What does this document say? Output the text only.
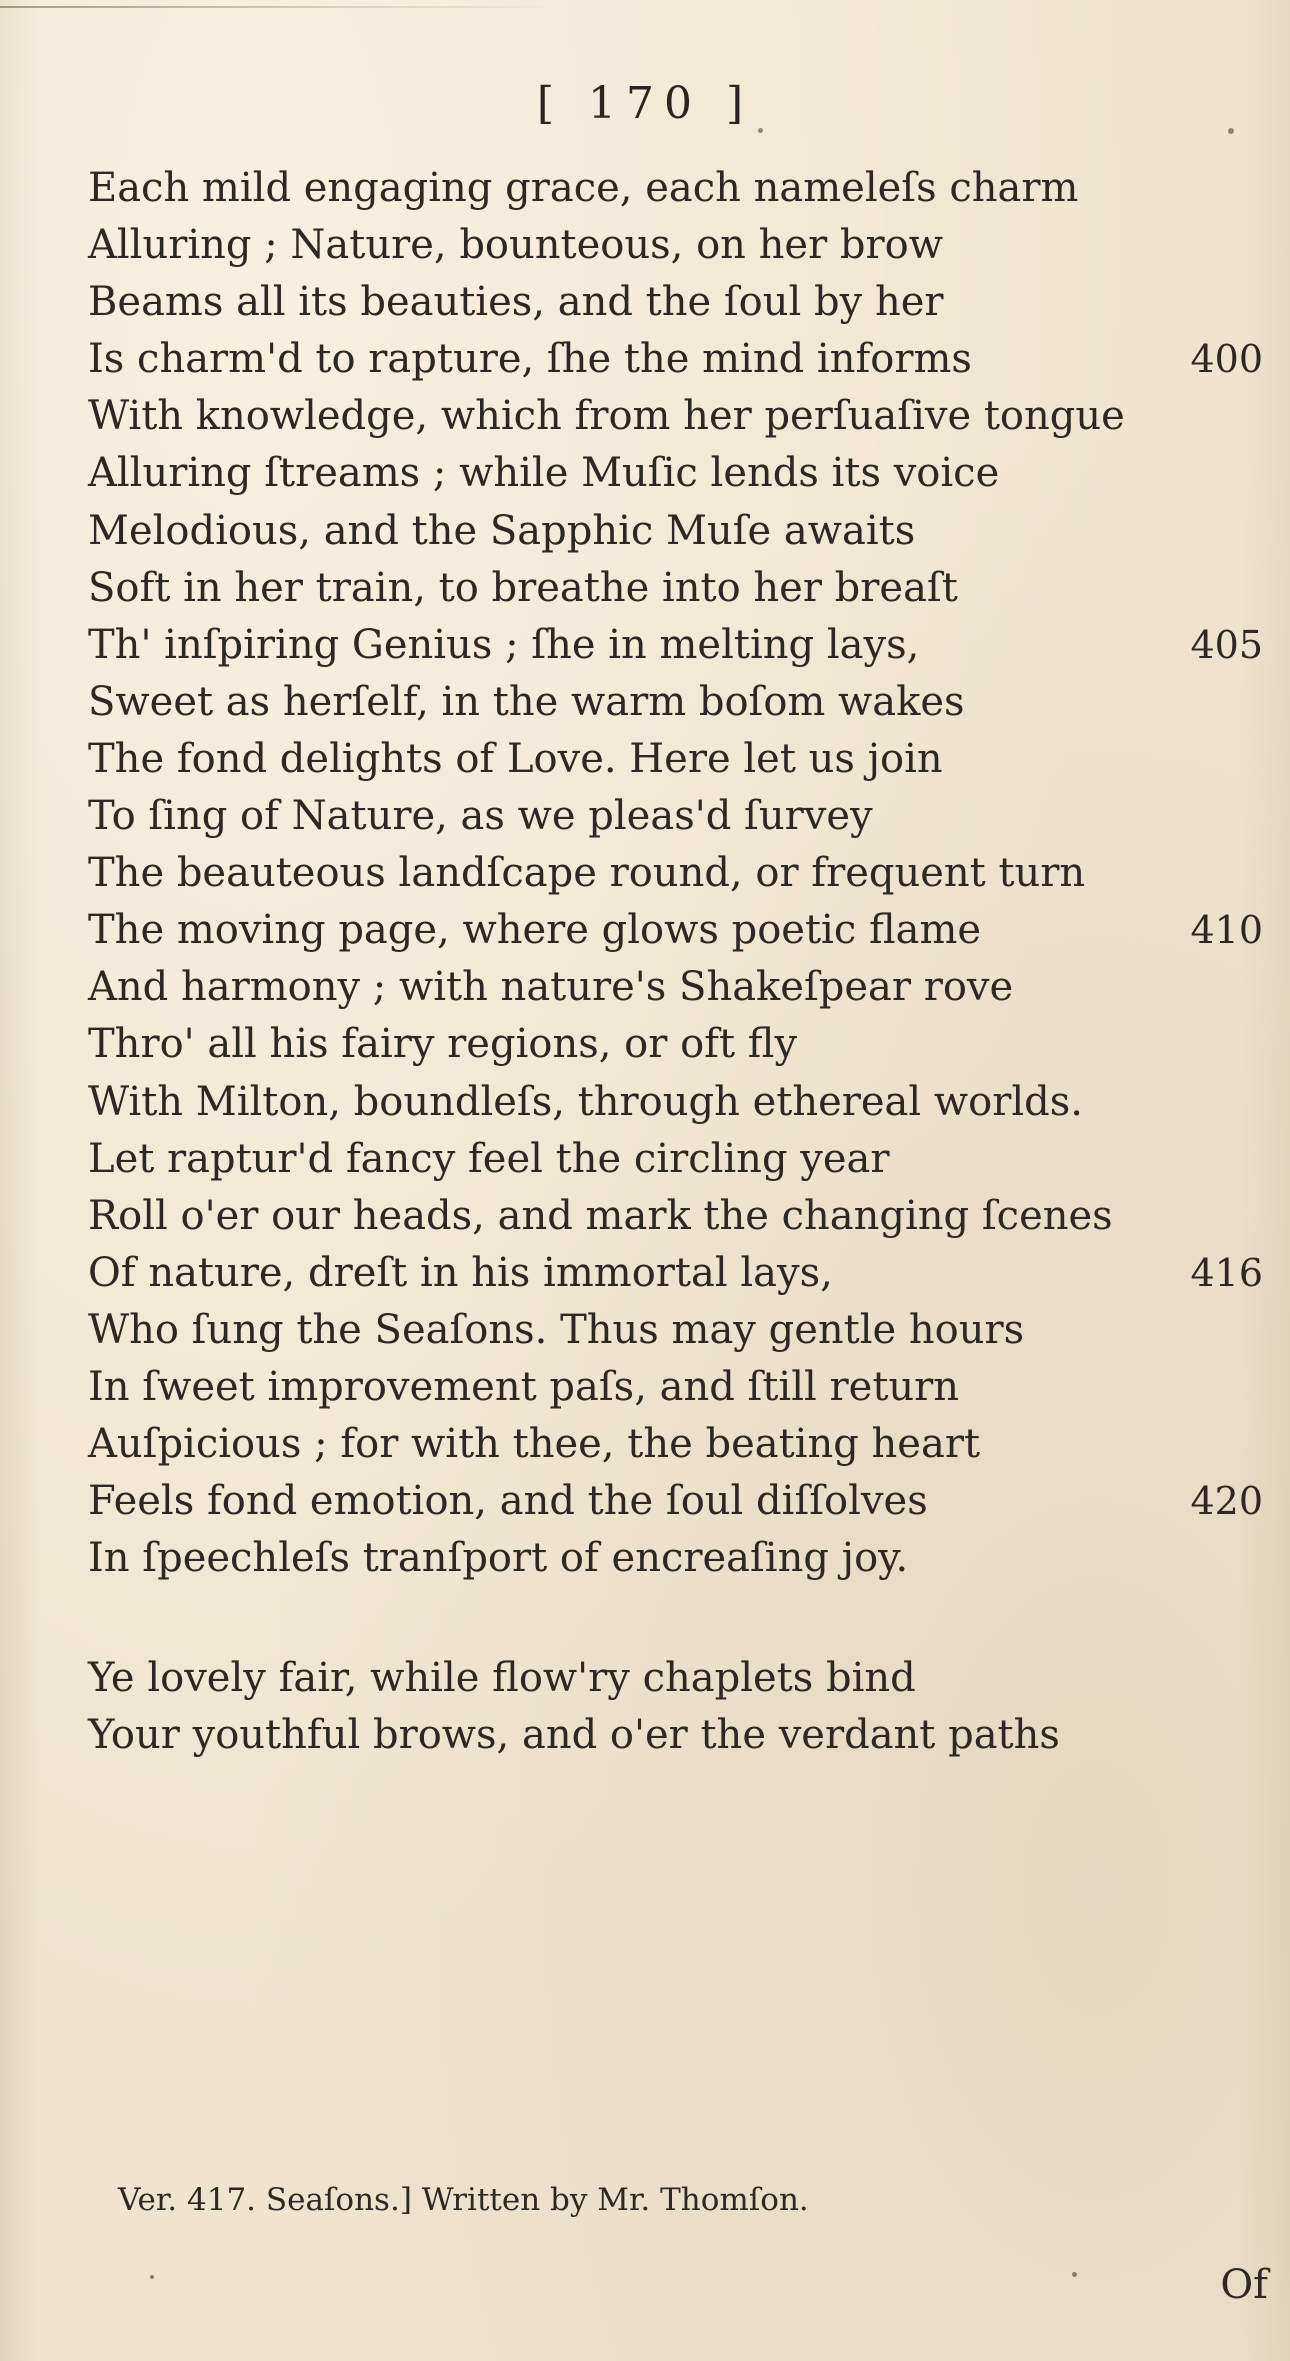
[ 170 ]
Each mild engaging grace, each nameleſs charm
Alluring ; Nature, bounteous, on her brow
Beams all its beauties, and the ſoul by her
Is charm'd to rapture, ſhe the mind informs	400
With knowledge, which from her perſuaſive tongue
Alluring ſtreams ; while Muſic lends its voice
Melodious, and the Sapphic Muſe awaits
Soft in her train, to breathe into her breaſt
Th' inſpiring Genius ; ſhe in melting lays,	405
Sweet as herſelf, in the warm boſom wakes
The fond delights of Love. Here let us join
To ſing of Nature, as we pleas'd ſurvey
The beauteous landſcape round, or frequent turn
The moving page, where glows poetic flame	410
And harmony ; with nature's Shakeſpear rove
Thro' all his fairy regions, or oft fly
With Milton, boundleſs, through ethereal worlds.
Let raptur'd fancy feel the circling year
Roll o'er our heads, and mark the changing ſcenes
Of nature, dreſt in his immortal lays,	416
Who ſung the Seaſons. Thus may gentle hours
In ſweet improvement paſs, and ſtill return
Auſpicious ; for with thee, the beating heart
Feels fond emotion, and the ſoul diſſolves	420
In ſpeechleſs tranſport of encreaſing joy.
Ye lovely fair, while flow'ry chaplets bind
Your youthful brows, and o'er the verdant paths
Ver. 417. Seaſons.] Written by Mr. Thomſon.
Of
